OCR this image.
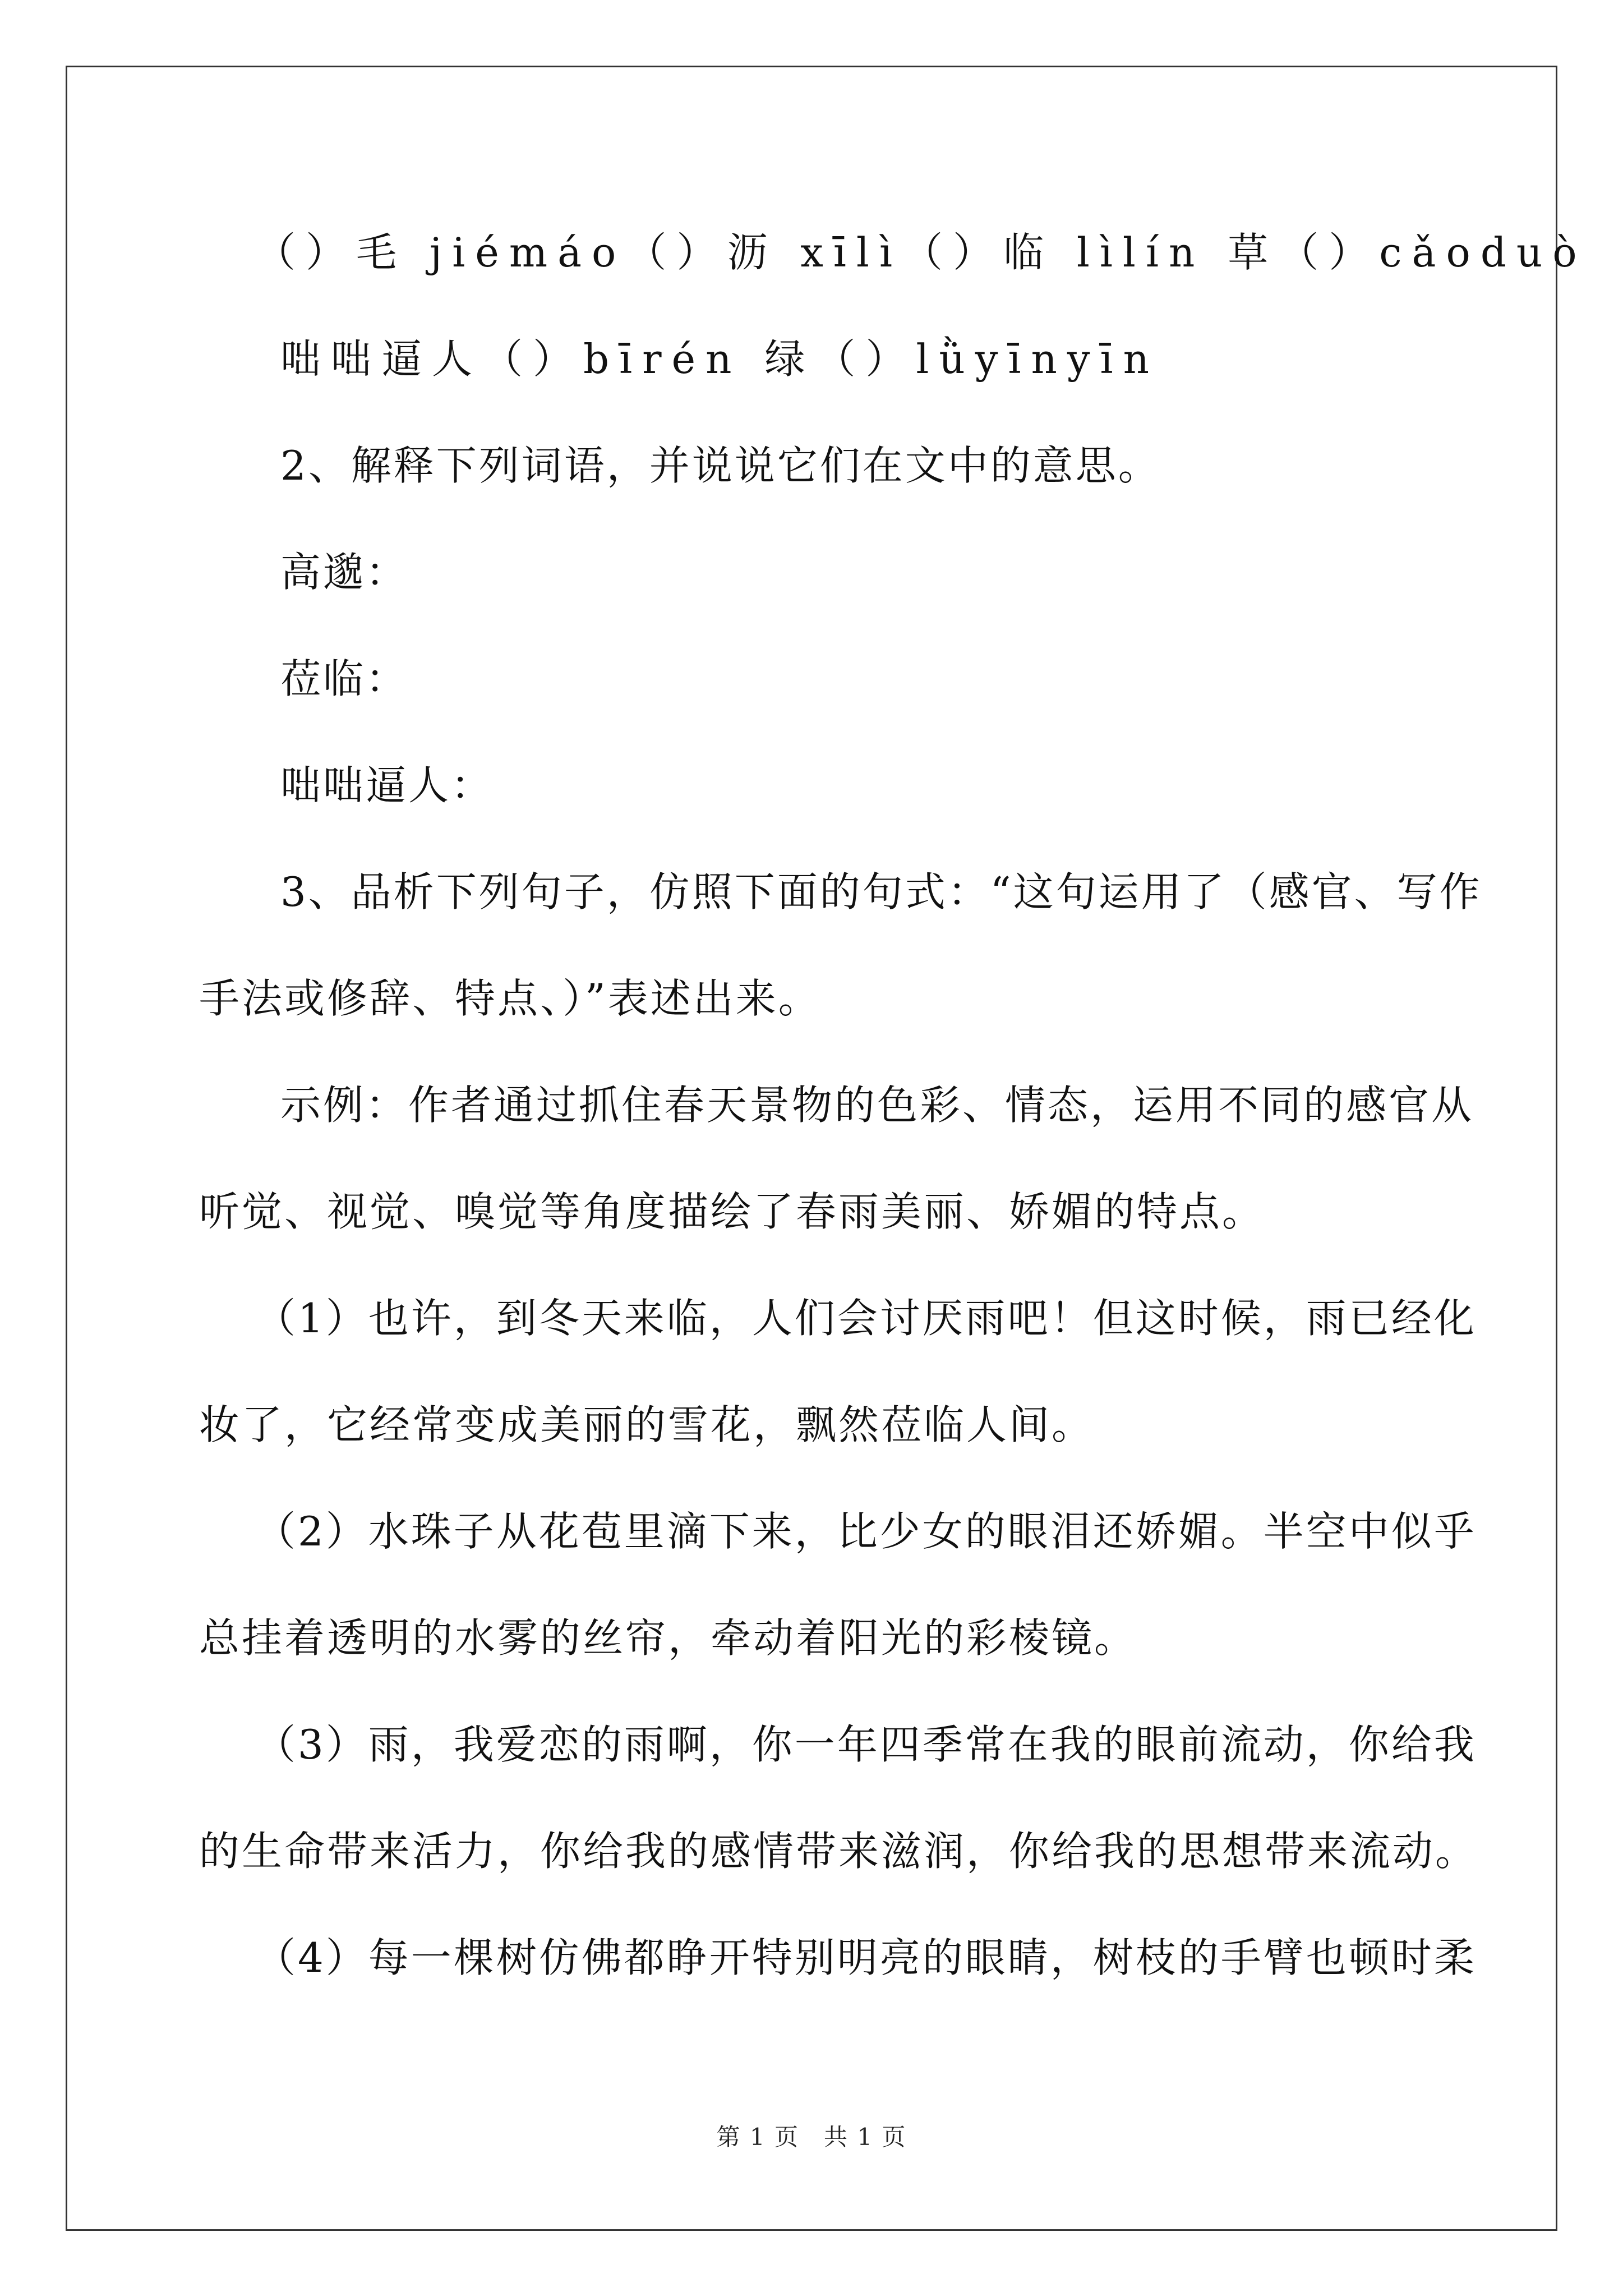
（）毛 jiémáo（）沥 xīlì（）临 lìlín 草（）cǎoduò
咄咄逼人（）bīrén 绿（）lǜyīnyīn
2、解释下列词语，并说说它们在文中的意思。
高邈：
莅临：
咄咄逼人：
3、品析下列句子，仿照下面的句式：“这句运用了（感官、写作
手法或修辞、特点、）”表述出来。
示例：作者通过抓住春天景物的色彩、情态，运用不同的感官从
听觉、视觉、嗅觉等角度描绘了春雨美丽、娇媚的特点。
（1）也许，到冬天来临，人们会讨厌雨吧！但这时候，雨已经化
妆了，它经常变成美丽的雪花，飘然莅临人间。
（2）水珠子从花苞里滴下来，比少女的眼泪还娇媚。半空中似乎
总挂着透明的水雾的丝帘，牵动着阳光的彩棱镜。
（3）雨，我爱恋的雨啊，你一年四季常在我的眼前流动，你给我
的生命带来活力，你给我的感情带来滋润，你给我的思想带来流动。
（4）每一棵树仿佛都睁开特别明亮的眼睛，树枝的手臂也顿时柔
第 1 页　共 1 页
